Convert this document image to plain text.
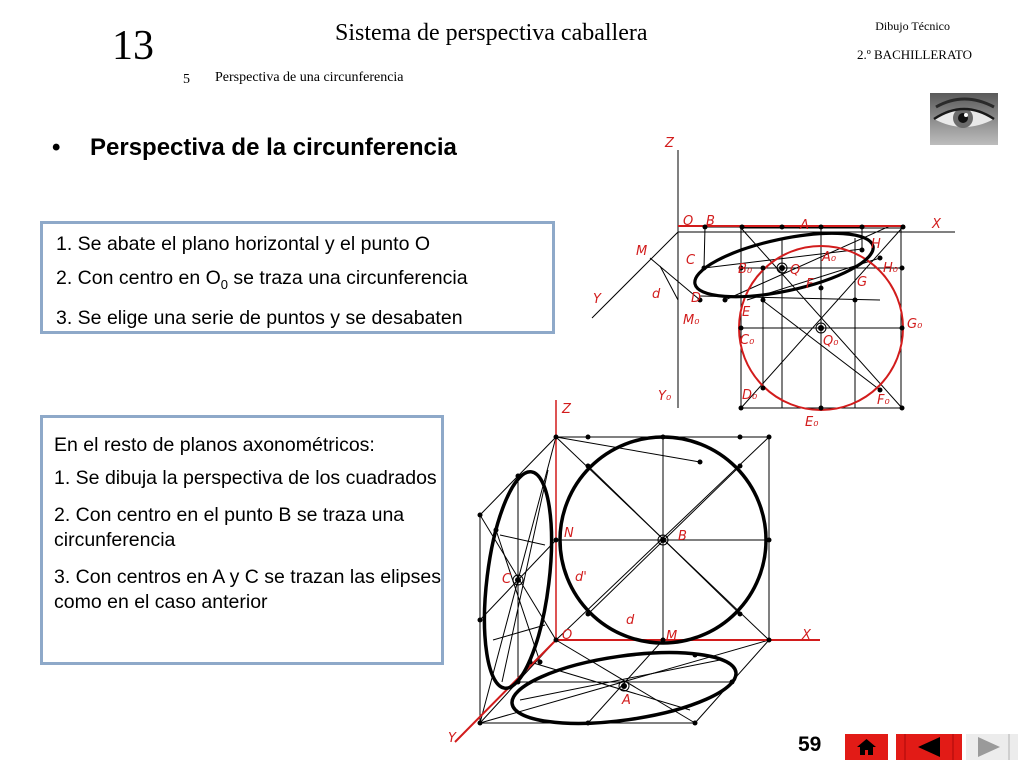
13	Sistema de perspectiva caballera
5 Perspectiva de una circunferencia
Dibujo Técnico
2.º BACHILLERATO
• Perspectiva de la circunferencia
1. Se abate el plano horizontal y el punto O
2. Con centro en $O_0$ se traza una circunferencia
3. Se elige una serie de puntos y se desabaten
En el resto de planos axonométricos:
1. Se dibuja la perspectiva de los cuadrados
2. Con centro en el punto B se traza una circunferencia
3. Con centros en A y C se trazan las elipses como en el caso anterior
Z
O B	A	X
M	H
C	A₀
B₀	Q	H₀
F	G
d D
Y
E
M₀	G₀
C₀	Q₀
Y₀	D₀	F₀
E₀
Z
N	B
C	d'
d
O	M	X
A
Y	59
